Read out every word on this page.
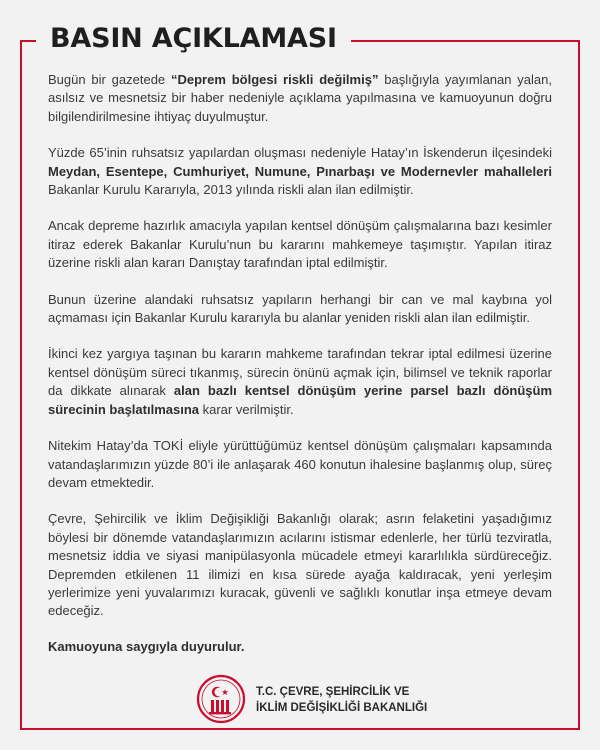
BASIN AÇIKLAMASI

Bugün bir gazetede “Deprem bölgesi riskli değilmiş” başlığıyla yayımlanan yalan, asılsız ve mesnetsiz bir haber nedeniyle açıklama yapılmasına ve kamuoyunun doğru bilgilendirilmesine ihtiyaç duyulmuştur.

Yüzde 65’inin ruhsatsız yapılardan oluşması nedeniyle Hatay’ın İskenderun ilçesindeki Meydan, Esentepe, Cumhuriyet, Numune, Pınarbaşı ve Modernevler mahalleleri Bakanlar Kurulu Kararıyla, 2013 yılında riskli alan ilan edilmiştir.

Ancak depreme hazırlık amacıyla yapılan kentsel dönüşüm çalışmalarına bazı kesimler itiraz ederek Bakanlar Kurulu’nun bu kararını mahkemeye taşımıştır. Yapılan itiraz üzerine riskli alan kararı Danıştay tarafından iptal edilmiştir.

Bunun üzerine alandaki ruhsatsız yapıların herhangi bir can ve mal kaybına yol açmaması için Bakanlar Kurulu kararıyla bu alanlar yeniden riskli alan ilan edilmiştir.

İkinci kez yargıya taşınan bu kararın mahkeme tarafından tekrar iptal edilmesi üzerine kentsel dönüşüm süreci tıkanmış, sürecin önünü açmak için, bilimsel ve teknik raporlar da dikkate alınarak alan bazlı kentsel dönüşüm yerine parsel bazlı dönüşüm sürecinin başlatılmasına karar verilmiştir.

Nitekim Hatay’da TOKİ eliyle yürüttüğümüz kentsel dönüşüm çalışmaları kapsamında vatandaşlarımızın yüzde 80’i ile anlaşarak 460 konutun ihalesine başlanmış olup, süreç devam etmektedir.

Çevre, Şehircilik ve İklim Değişikliği Bakanlığı olarak; asrın felaketini yaşadığımız böylesi bir dönemde vatandaşlarımızın acılarını istismar edenlerle, her türlü tezviratla, mesnetsiz iddia ve siyasi manipülasyonla mücadele etmeyi kararlılıkla sürdüreceğiz. Depremden etkilenen 11 ilimizi en kısa sürede ayağa kaldıracak, yeni yerleşim yerlerimize yeni yuvalarımızı kuracak, güvenli ve sağlıklı konutlar inşa etmeye devam edeceğiz.

Kamuoyuna saygıyla duyurulur.

T.C. ÇEVRE, ŞEHİRCİLİK VE
İKLİM DEĞİŞİKLİĞİ BAKANLIĞI
